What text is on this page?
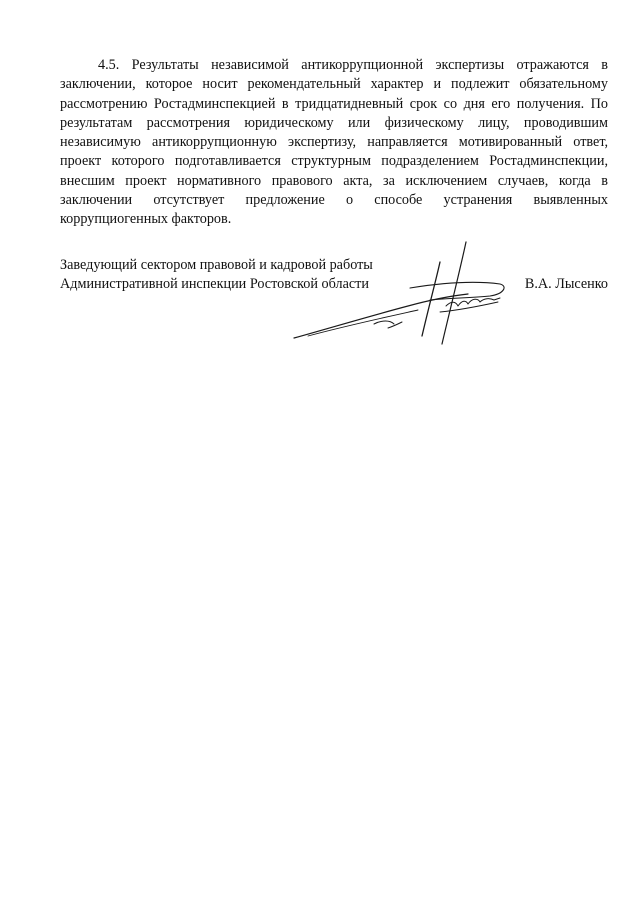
4.5. Результаты независимой антикоррупционной экспертизы отражаются в заключении, которое носит рекомендательный характер и подлежит обязательному рассмотрению Ростадминспекцией в тридцатидневный срок со дня его получения. По результатам рассмотрения юридическому или физическому лицу, проводившим независимую антикоррупционную экспертизу, направляется мотивированный ответ, проект которого подготавливается структурным подразделением Ростадминспекции, внесшим проект нормативного правового акта, за исключением случаев, когда в заключении отсутствует предложение о способе устранения выявленных коррупциогенных факторов.

Заведующий сектором правовой и кадровой работы
Административной инспекции Ростовской области	В.А. Лысенко
